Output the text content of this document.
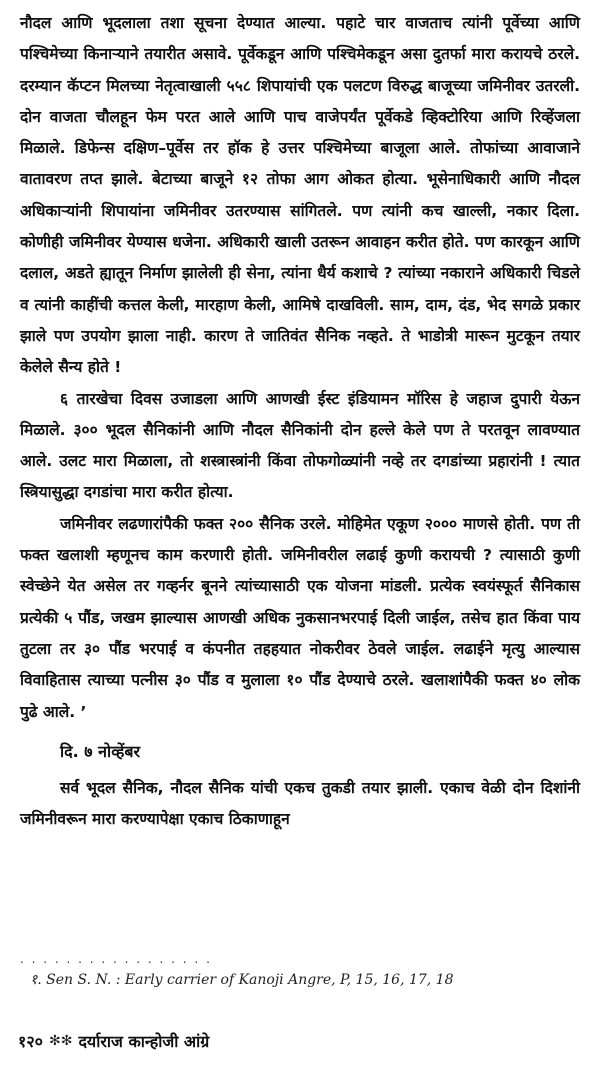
नौदल आणि भूदलाला तशा सूचना देण्यात आल्या. पहाटे चार वाजताच त्यांनी पूर्वेच्या आणि पश्चिमेच्या किनाऱ्याने तयारीत असावे. पूर्वेकडून आणि पश्चिमेकडून असा दुतर्फा मारा करायचे ठरले. दरम्यान कॅप्टन मिलच्या नेतृत्वाखाली ५५८ शिपायांची एक पलटण विरुद्ध बाजूच्या जमिनीवर उतरली. दोन वाजता चौलहून फेम परत आले आणि पाच वाजेपर्यंत पूर्वेकडे व्हिक्टोरिया आणि रिव्हेंजला मिळाले. डिफेन्स दक्षिण–पूर्वेस तर हॉक हे उत्तर पश्चिमेच्या बाजूला आले. तोफांच्या आवाजाने वातावरण तप्त झाले. बेटाच्या बाजूने १२ तोफा आग ओकत होत्या. भूसेनाधिकारी आणि नौदल अधिकाऱ्यांनी शिपायांना जमिनीवर उतरण्यास सांगितले. पण त्यांनी कच खाल्ली, नकार दिला. कोणीही जमिनीवर येण्यास धजेना. अधिकारी खाली उतरून आवाहन करीत होते. पण कारकून आणि दलाल, अडते ह्यातून निर्माण झालेली ही सेना, त्यांना धैर्य कशाचे ? त्यांच्या नकाराने अधिकारी चिडले व त्यांनी काहींची कत्तल केली, मारहाण केली, आमिषे दाखविली. साम, दाम, दंड, भेद सगळे प्रकार झाले पण उपयोग झाला नाही. कारण ते जातिवंत सैनिक नव्हते. ते भाडोत्री मारून मुटकून तयार केलेले सैन्य होते !

६ तारखेचा दिवस उजाडला आणि आणखी ईस्ट इंडियामन मॉरिस हे जहाज दुपारी येऊन मिळाले. ३०० भूदल सैनिकांनी आणि नौदल सैनिकांनी दोन हल्ले केले पण ते परतवून लावण्यात आले. उलट मारा मिळाला, तो शस्त्रास्त्रांनी किंवा तोफगोळ्यांनी नव्हे तर दगडांच्या प्रहारांनी ! त्यात स्त्रियासुद्धा दगडांचा मारा करीत होत्या.

जमिनीवर लढणारांपैकी फक्त २०० सैनिक उरले. मोहिमेत एकूण २००० माणसे होती. पण ती फक्त खलाशी म्हणूनच काम करणारी होती. जमिनीवरील लढाई कुणी करायची ? त्यासाठी कुणी स्वेच्छेने येत असेल तर गव्हर्नर बूनने त्यांच्यासाठी एक योजना मांडली. प्रत्येक स्वयंस्फूर्त सैनिकास प्रत्येकी ५ पौंड, जखम झाल्यास आणखी अधिक नुकसानभरपाई दिली जाईल, तसेच हात किंवा पाय तुटला तर ३० पौंड भरपाई व कंपनीत तहहयात नोकरीवर ठेवले जाईल. लढाईने मृत्यु आल्यास विवाहितास त्याच्या पत्नीस ३० पौंड व मुलाला १० पौंड देण्याचे ठरले. खलाशांपैकी फक्त ४० लोक पुढे आले. ’

दि. ७ नोव्हेंबर

सर्व भूदल सैनिक, नौदल सैनिक यांची एकच तुकडी तयार झाली. एकाच वेळी दोन दिशांनी जमिनीवरून मारा करण्यापेक्षा एकाच ठिकाणाहून

. . . . . . . . . . . . . . . . .
१. Sen S. N. : Early carrier of Kanoji Angre, P, 15, 16, 17, 18
१२० ✻✻ दर्याराज कान्होजी आंग्रे
